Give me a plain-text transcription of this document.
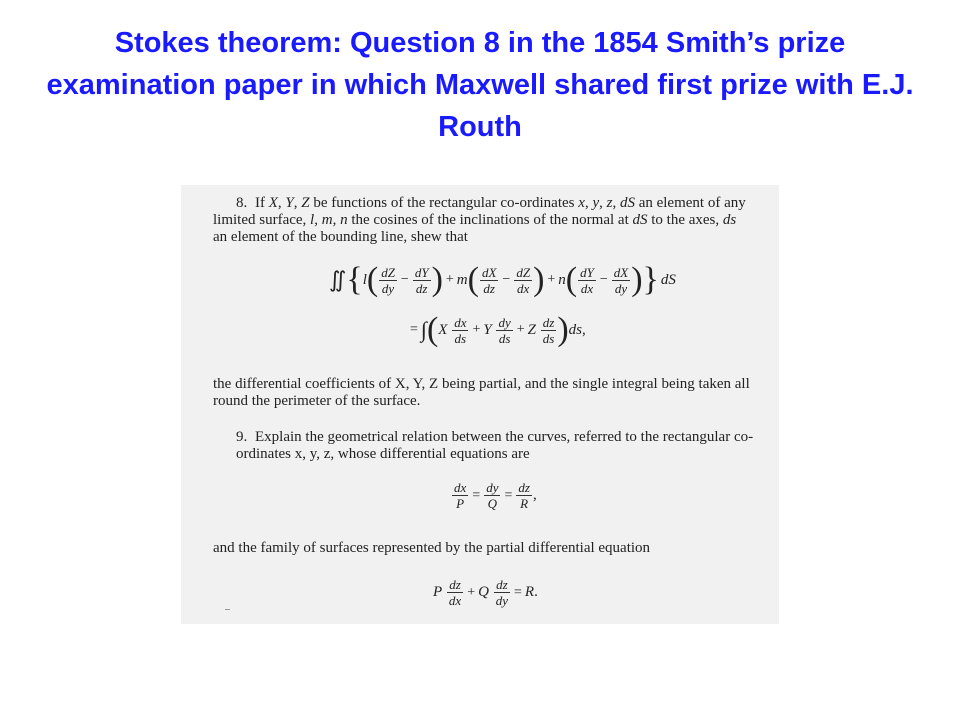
Stokes theorem: Question 8 in the 1854 Smith’s prize examination paper in which Maxwell shared first prize with E.J. Routh
8. If X, Y, Z be functions of the rectangular co-ordinates x, y, z, dS an element of any
limited surface, l, m, n the cosines of the inclinations of the normal at dS to the axes, ds
an element of the bounding line, shew that
∬ { l ( $\frac{dZ}{dy} - \frac{dY}{dz}$ ) + m ( $\frac{dX}{dz} - \frac{dZ}{dx}$ ) + n ( $\frac{dY}{dx} - \frac{dX}{dy}$ ) } dS
= ∫ ( X
$\frac{dx}{ds} + Y$
$\frac{dy}{ds} + Z$
$\frac{dz}{ds}$ ) ds ,
the differential coefficients of X, Y, Z being partial, and the single integral being taken all round the perimeter of the surface.
9. Explain the geometrical relation between the curves, referred to the rectangular co-ordinates x, y, z, whose differential equations are
$\frac{dx}{P} = \frac{dy}{Q} = \frac{dz}{R}$ ,
and the family of surfaces represented by the partial differential equation
P
$\frac{dz}{dx} + Q$
$\frac{dz}{dy} = R$ .
